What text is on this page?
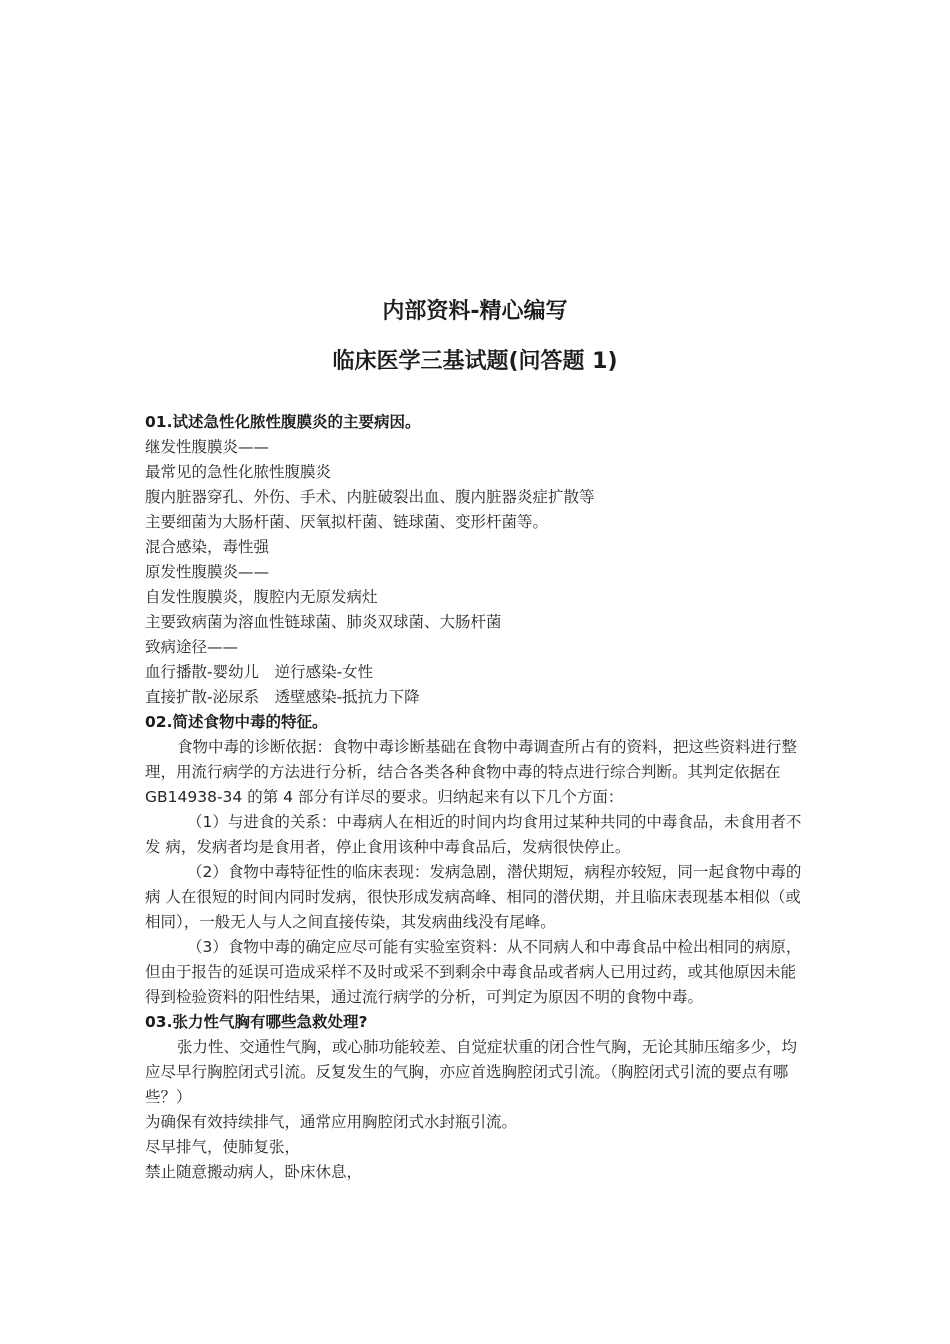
内部资料-精心编写
临床医学三基试题(问答题 1)

01.试述急性化脓性腹膜炎的主要病因。

继发性腹膜炎——

最常见的急性化脓性腹膜炎

腹内脏器穿孔、外伤、手术、内脏破裂出血、腹内脏器炎症扩散等

主要细菌为大肠杆菌、厌氧拟杆菌、链球菌、变形杆菌等。

混合感染，毒性强

原发性腹膜炎——

自发性腹膜炎，腹腔内无原发病灶

主要致病菌为溶血性链球菌、肺炎双球菌、大肠杆菌

致病途径——

血行播散-婴幼儿　逆行感染-女性

直接扩散-泌尿系　透壁感染-抵抗力下降

02.简述食物中毒的特征。

食物中毒的诊断依据：食物中毒诊断基础在食物中毒调查所占有的资料，把这些资料进行整理，用流行病学的方法进行分析，结合各类各种食物中毒的特点进行综合判断。其判定依据在 GB14938-34 的第 4 部分有详尽的要求。归纳起来有以下几个方面：

（1）与进食的关系：中毒病人在相近的时间内均食用过某种共同的中毒食品，未食用者不发 病，发病者均是食用者，停止食用该种中毒食品后，发病很快停止。

（2）食物中毒特征性的临床表现：发病急剧，潜伏期短，病程亦较短，同一起食物中毒的病 人在很短的时间内同时发病，很快形成发病高峰、相同的潜伏期，并且临床表现基本相似（或相同），一般无人与人之间直接传染，其发病曲线没有尾峰。

（3）食物中毒的确定应尽可能有实验室资料：从不同病人和中毒食品中检出相同的病原，但由于报告的延误可造成采样不及时或采不到剩余中毒食品或者病人已用过药，或其他原因未能得到检验资料的阳性结果，通过流行病学的分析，可判定为原因不明的食物中毒。

03.张力性气胸有哪些急救处理?

张力性、交通性气胸，或心肺功能较差、自觉症状重的闭合性气胸，无论其肺压缩多少，均应尽早行胸腔闭式引流。反复发生的气胸，亦应首选胸腔闭式引流。（胸腔闭式引流的要点有哪些？）

为确保有效持续排气，通常应用胸腔闭式水封瓶引流。

尽早排气，使肺复张，

禁止随意搬动病人，卧床休息，
